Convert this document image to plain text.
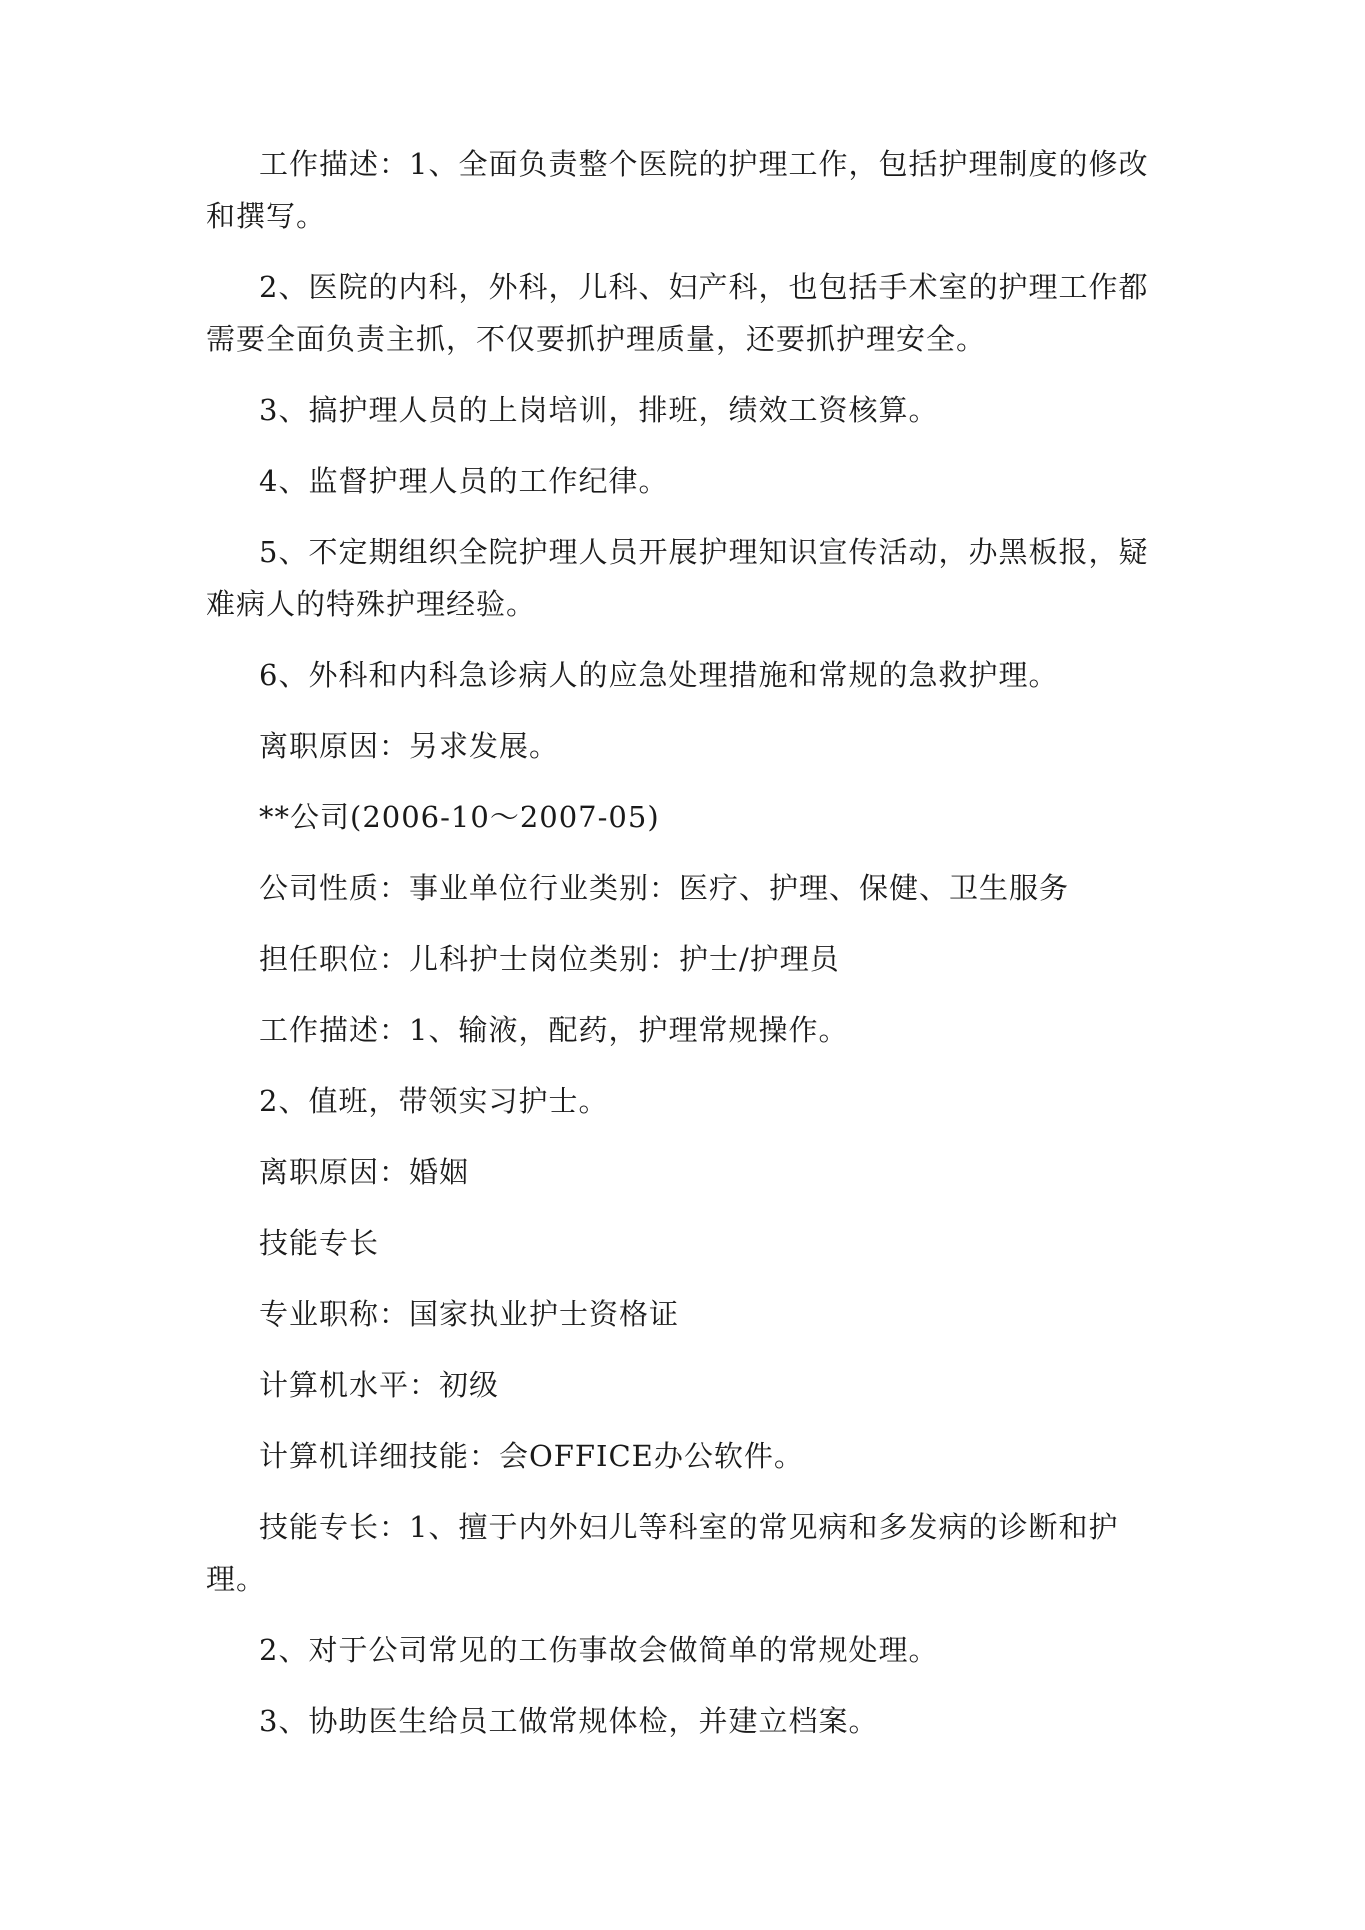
工作描述：1、全面负责整个医院的护理工作，包括护理制度的修改和撰写。

2、医院的内科，外科，儿科、妇产科，也包括手术室的护理工作都需要全面负责主抓，不仅要抓护理质量，还要抓护理安全。

3、搞护理人员的上岗培训，排班，绩效工资核算。

4、监督护理人员的工作纪律。

5、不定期组织全院护理人员开展护理知识宣传活动，办黑板报，疑难病人的特殊护理经验。

6、外科和内科急诊病人的应急处理措施和常规的急救护理。

离职原因：另求发展。

**公司(2006-10～2007-05)

公司性质：事业单位行业类别：医疗、护理、保健、卫生服务

担任职位：儿科护士岗位类别：护士/护理员

工作描述：1、输液，配药，护理常规操作。

2、值班，带领实习护士。

离职原因：婚姻

技能专长

专业职称：国家执业护士资格证

计算机水平：初级

计算机详细技能：会OFFICE办公软件。

技能专长：1、擅于内外妇儿等科室的常见病和多发病的诊断和护理。

2、对于公司常见的工伤事故会做简单的常规处理。

3、协助医生给员工做常规体检，并建立档案。
